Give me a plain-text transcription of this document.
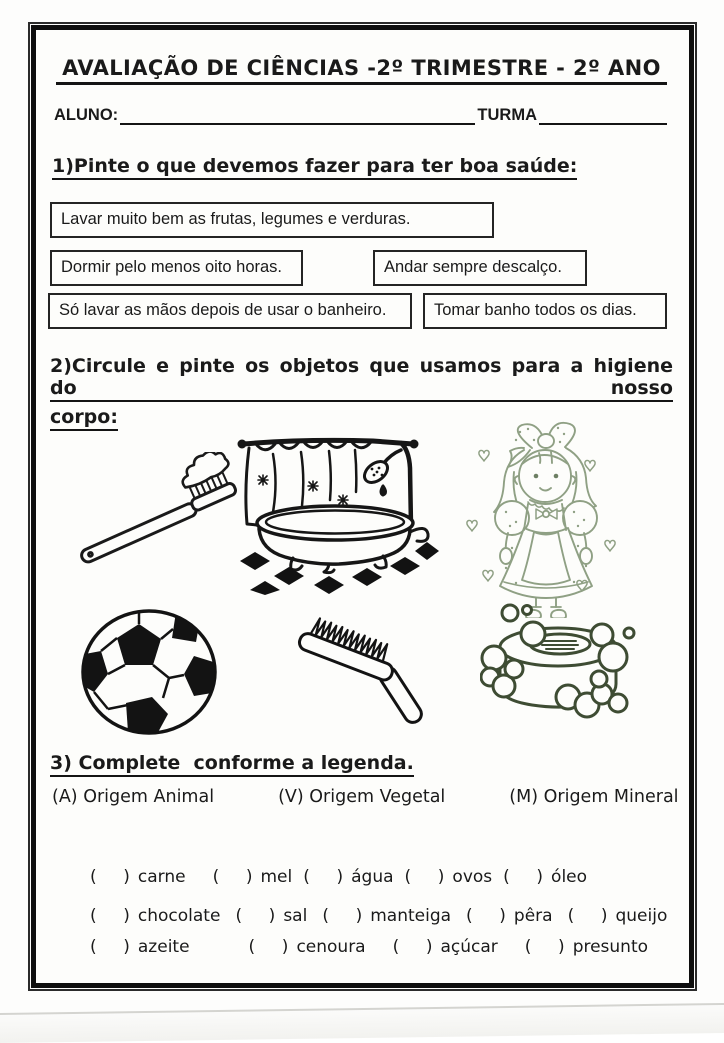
AVALIAÇÃO DE CIÊNCIAS -2º TRIMESTRE - 2º ANO
ALUNO:	TURMA
1)Pinte o que devemos fazer para ter boa saúde:
Lavar muito bem as frutas, legumes e verduras.
Dormir pelo menos oito horas.	Andar sempre descalço.
Só lavar as mãos depois de usar o banheiro.	Tomar banho todos os dias.
2)Circule e pinte os objetos que usamos para a higiene do nosso
corpo:
3) Complete  conforme a legenda.
(A) Origem Animal	(V) Origem Vegetal	(M) Origem Mineral
(    ) carne (    ) mel (    ) água (    ) ovos (    ) óleo
(    ) chocolate (    ) sal (    ) manteiga (    ) pêra (    ) queijo
(    ) azeite	(    ) cenoura (    ) açúcar (    ) presunto
